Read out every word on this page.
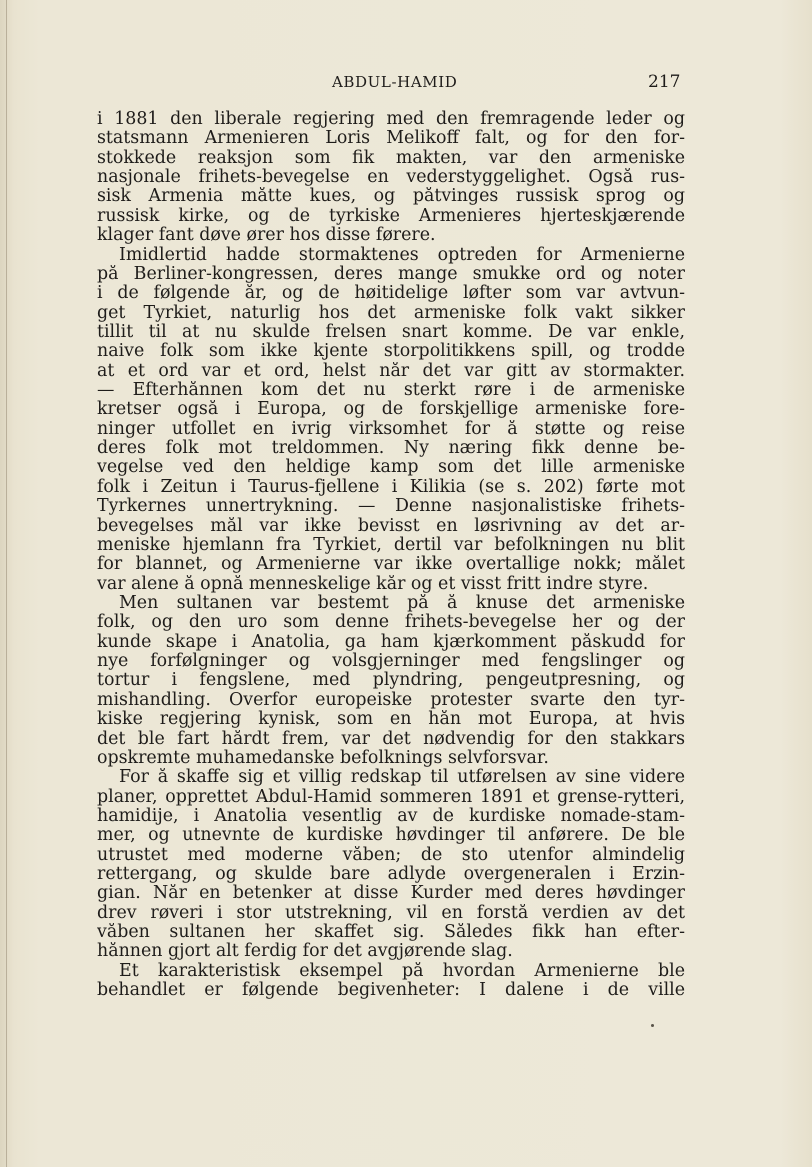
ABDUL-HAMID	217
i 1881 den liberale regjering med den fremragende leder og
statsmann Armenieren Loris Melikoff falt, og for den for-
stokkede reaksjon som fik makten, var den armeniske
nasjonale frihets-bevegelse en vederstyggelighet. Også rus-
sisk Armenia måtte kues, og påtvinges russisk sprog og
russisk kirke, og de tyrkiske Armenieres hjerteskjærende
klager fant døve ører hos disse førere.
Imidlertid hadde stormaktenes optreden for Armenierne
på Berliner-kongressen, deres mange smukke ord og noter
i de følgende år, og de høitidelige løfter som var avtvun-
get Tyrkiet, naturlig hos det armeniske folk vakt sikker
tillit til at nu skulde frelsen snart komme. De var enkle,
naive folk som ikke kjente storpolitikkens spill, og trodde
at et ord var et ord, helst når det var gitt av stormakter.
— Efterhånnen kom det nu sterkt røre i de armeniske
kretser også i Europa, og de forskjellige armeniske fore-
ninger utfollet en ivrig virksomhet for å støtte og reise
deres folk mot treldommen. Ny næring fikk denne be-
vegelse ved den heldige kamp som det lille armeniske
folk i Zeitun i Taurus-fjellene i Kilikia (se s. 202) førte mot
Tyrkernes unnertrykning. — Denne nasjonalistiske frihets-
bevegelses mål var ikke bevisst en løsrivning av det ar-
meniske hjemlann fra Tyrkiet, dertil var befolkningen nu blit
for blannet, og Armenierne var ikke overtallige nokk; målet
var alene å opnå menneskelige kår og et visst fritt indre styre.
Men sultanen var bestemt på å knuse det armeniske
folk, og den uro som denne frihets-bevegelse her og der
kunde skape i Anatolia, ga ham kjærkomment påskudd for
nye forfølgninger og volsgjerninger med fengslinger og
tortur i fengslene, med plyndring, pengeutpresning, og
mishandling. Overfor europeiske protester svarte den tyr-
kiske regjering kynisk, som en hån mot Europa, at hvis
det ble fart hårdt frem, var det nødvendig for den stakkars
opskremte muhamedanske befolknings selvforsvar.
For å skaffe sig et villig redskap til utførelsen av sine videre
planer, opprettet Abdul-Hamid sommeren 1891 et grense-rytteri,
hamidije, i Anatolia vesentlig av de kurdiske nomade-stam-
mer, og utnevnte de kurdiske høvdinger til anførere. De ble
utrustet med moderne våben; de sto utenfor almindelig
rettergang, og skulde bare adlyde overgeneralen i Erzin-
gian. Når en betenker at disse Kurder med deres høvdinger
drev røveri i stor utstrekning, vil en forstå verdien av det
våben sultanen her skaffet sig. Således fikk han efter-
hånnen gjort alt ferdig for det avgjørende slag.
Et karakteristisk eksempel på hvordan Armenierne ble
behandlet er følgende begivenheter: I dalene i de ville
